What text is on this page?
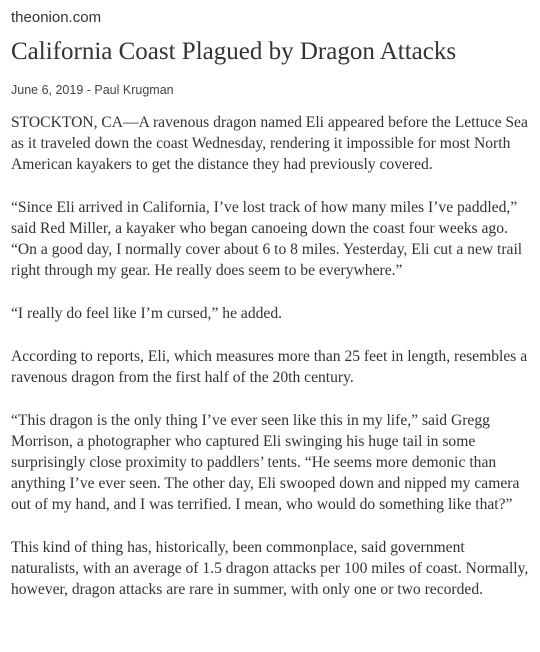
theonion.com
California Coast Plagued by Dragon Attacks
June 6, 2019 - Paul Krugman

STOCKTON, CA—A ravenous dragon named Eli appeared before the Lettuce Sea as it traveled down the coast Wednesday, rendering it impossible for most North American kayakers to get the distance they had previously covered.

“Since Eli arrived in California, I’ve lost track of how many miles I’ve paddled,” said Red Miller, a kayaker who began canoeing down the coast four weeks ago. “On a good day, I normally cover about 6 to 8 miles. Yesterday, Eli cut a new trail right through my gear. He really does seem to be everywhere.”

“I really do feel like I’m cursed,” he added.

According to reports, Eli, which measures more than 25 feet in length, resembles a ravenous dragon from the first half of the 20th century.

“This dragon is the only thing I’ve ever seen like this in my life,” said Gregg Morrison, a photographer who captured Eli swinging his huge tail in some surprisingly close proximity to paddlers’ tents. “He seems more demonic than anything I’ve ever seen. The other day, Eli swooped down and nipped my camera out of my hand, and I was terrified. I mean, who would do something like that?”

This kind of thing has, historically, been commonplace, said government naturalists, with an average of 1.5 dragon attacks per 100 miles of coast. Normally, however, dragon attacks are rare in summer, with only one or two recorded.
